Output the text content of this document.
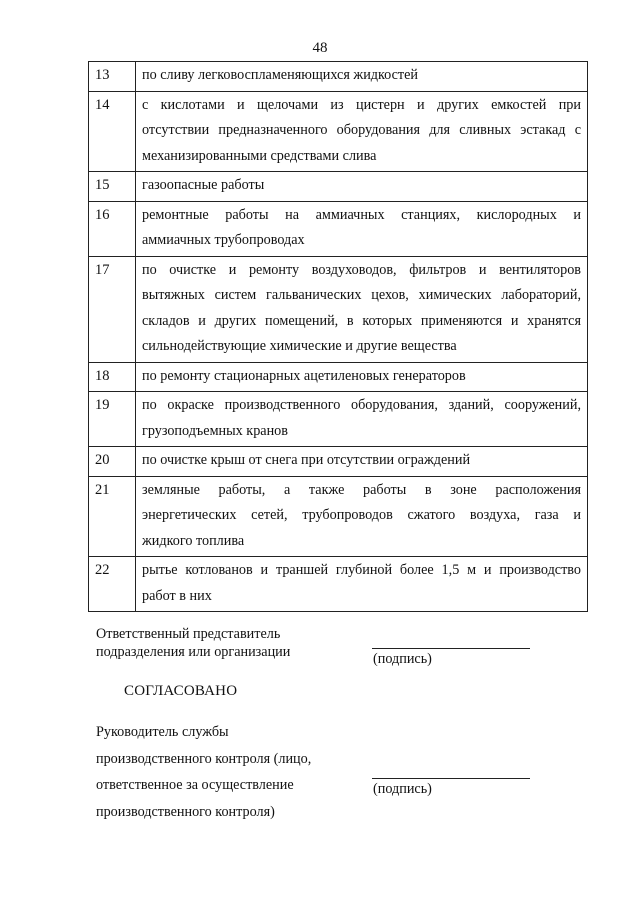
48
13	по сливу легковоспламеняющихся жидкостей

14	с кислотами и щелочами из цистерн и других емкостей при
отсутствии предназначенного оборудования для сливных эстакад с
механизированными средствами слива

15	газоопасные работы

16	ремонтные работы на аммиачных станциях, кислородных и
аммиачных трубопроводах

17	по очистке и ремонту воздуховодов, фильтров и вентиляторов
вытяжных систем гальванических цехов, химических лабораторий,
складов и других помещений, в которых применяются и хранятся
сильнодействующие химические и другие вещества

18	по ремонту стационарных ацетиленовых генераторов

19	по окраске производственного оборудования, зданий, сооружений,
грузоподъемных кранов

20	по очистке крыш от снега при отсутствии ограждений

21	земляные работы, а также работы в зоне расположения
энергетических сетей, трубопроводов сжатого воздуха, газа и
жидкого топлива

22	рытье котлованов и траншей глубиной более 1,5 м и производство
работ в них
Ответственный представитель
подразделения или организации	(подпись)
СОГЛАСОВАНО
Руководитель службы
производственного контроля (лицо,
ответственное за осуществление
производственного контроля)
(подпись)
